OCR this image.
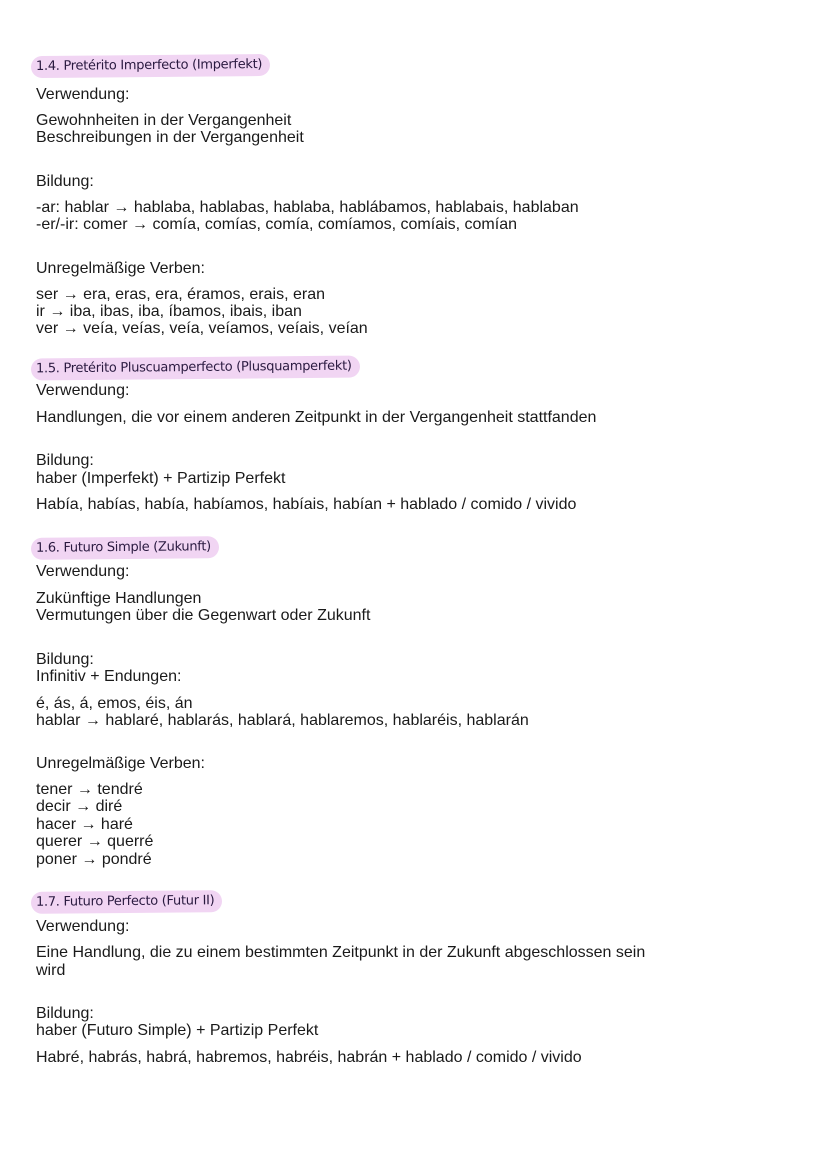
1.4. Pretérito Imperfecto (Imperfekt)
Verwendung:
Gewohnheiten in der Vergangenheit
Beschreibungen in der Vergangenheit
Bildung:
-ar: hablar → hablaba, hablabas, hablaba, hablábamos, hablabais, hablaban
-er/-ir: comer → comía, comías, comía, comíamos, comíais, comían
Unregelmäßige Verben:
ser → era, eras, era, éramos, erais, eran
ir → iba, ibas, iba, íbamos, ibais, iban
ver → veía, veías, veía, veíamos, veíais, veían
1.5. Pretérito Pluscuamperfecto (Plusquamperfekt)
Verwendung:
Handlungen, die vor einem anderen Zeitpunkt in der Vergangenheit stattfanden
Bildung:
haber (Imperfekt) + Partizip Perfekt
Había, habías, había, habíamos, habíais, habían + hablado / comido / vivido
1.6. Futuro Simple (Zukunft)
Verwendung:
Zukünftige Handlungen
Vermutungen über die Gegenwart oder Zukunft
Bildung:
Infinitiv + Endungen:
é, ás, á, emos, éis, án
hablar → hablaré, hablarás, hablará, hablaremos, hablaréis, hablarán
Unregelmäßige Verben:
tener → tendré
decir → diré
hacer → haré
querer → querré
poner → pondré
1.7. Futuro Perfecto (Futur II)
Verwendung:
Eine Handlung, die zu einem bestimmten Zeitpunkt in der Zukunft abgeschlossen sein
wird
Bildung:
haber (Futuro Simple) + Partizip Perfekt
Habré, habrás, habrá, habremos, habréis, habrán + hablado / comido / vivido
